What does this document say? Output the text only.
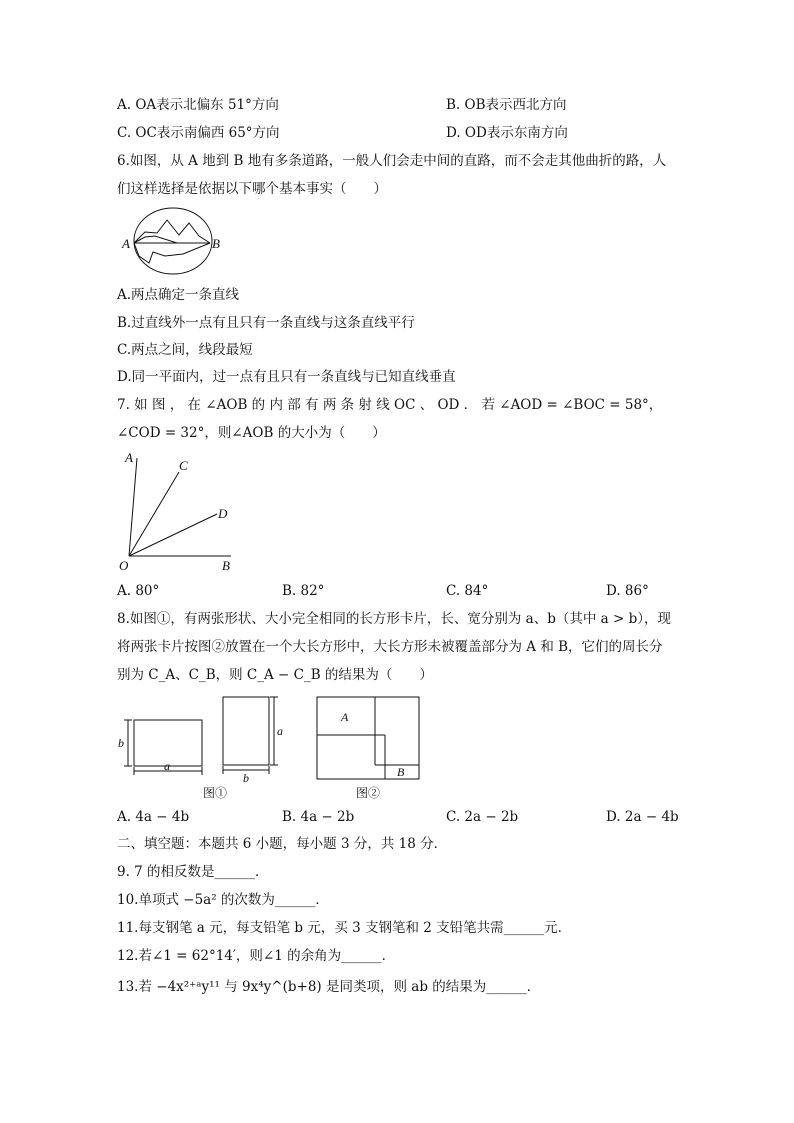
A. OA表示北偏东 51°方向	B. OB表示西北方向
C. OC表示南偏西 65°方向	D. OD表示东南方向
6.如图，从 A 地到 B 地有多条道路，一般人们会走中间的直路，而不会走其他曲折的路，人
们这样选择是依据以下哪个基本事实（　　）
A	B
A.两点确定一条直线
B.过直线外一点有且只有一条直线与这条直线平行
C.两点之间，线段最短
D.同一平面内，过一点有且只有一条直线与已知直线垂直
7. 如 图 ， 在 ∠AOB 的 内 部 有 两 条 射 线 OC 、 OD ． 若 ∠AOD = ∠BOC = 58°，
∠COD = 32°，则∠AOB 的大小为（　　）
A
C
D
O	B
A. 80°	B. 82°	C. 84°	D. 86°
8.如图①，有两张形状、大小完全相同的长方形卡片，长、宽分别为 a、b（其中 a > b），现
将两张卡片按图②放置在一个大长方形中，大长方形未被覆盖部分为 A 和 B，它们的周长分
别为 C_A、C_B，则 C_A − C_B 的结果为（　　）
b
a
a
b
图①
A
B
图②
A. 4a − 4b	B. 4a − 2b	C. 2a − 2b	D. 2a − 4b
二、填空题：本题共 6 小题，每小题 3 分，共 18 分．
9. 7 的相反数是______．
10.单项式 −5a² 的次数为______．
11.每支钢笔 a 元，每支铅笔 b 元，买 3 支钢笔和 2 支铅笔共需______元．
12.若∠1 = 62°14′，则∠1 的余角为______．
13.若 −4x²⁺ᵃy¹¹ 与 9x⁴y^(b+8) 是同类项，则 ab 的结果为______．
